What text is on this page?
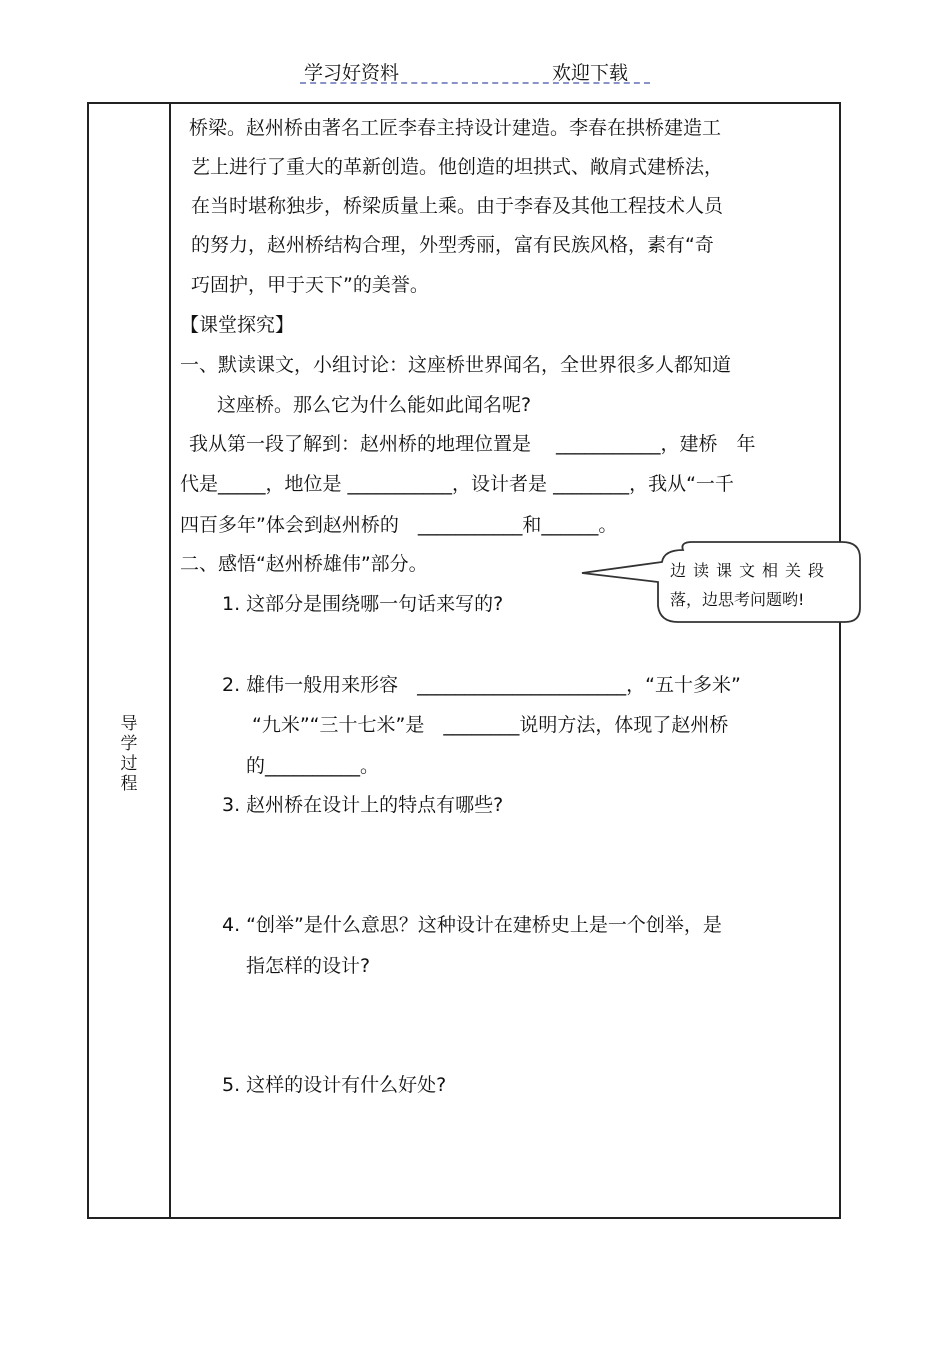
学习好资料	欢迎下载
导
学
过
程
桥梁。赵州桥由著名工匠李春主持设计建造。李春在拱桥建造工
艺上进行了重大的革新创造。他创造的坦拱式、敞肩式建桥法，
在当时堪称独步，桥梁质量上乘。由于李春及其他工程技术人员
的努力，赵州桥结构合理，外型秀丽，富有民族风格，素有“奇
巧固护，甲于天下”的美誉。
【课堂探究】
一、默读课文，小组讨论：这座桥世界闻名，全世界很多人都知道
这座桥。那么它为什么能如此闻名呢?
我从第一段了解到：赵州桥的地理位置是　 ___________，建桥　年
代是_____，地位是 ___________，设计者是 ________，我从“一千
四百多年”体会到赵州桥的　___________和______。
二、感悟“赵州桥雄伟”部分。
1. 这部分是围绕哪一句话来写的?
2. 雄伟一般用来形容　______________________，“五十多米”
“九米”“三十七米”是　________说明方法，体现了赵州桥
的__________。
3. 赵州桥在设计上的特点有哪些?
4. “创举”是什么意思？这种设计在建桥史上是一个创举，是
指怎样的设计?
5. 这样的设计有什么好处?
边读课文相关段
落，边思考问题哟!
